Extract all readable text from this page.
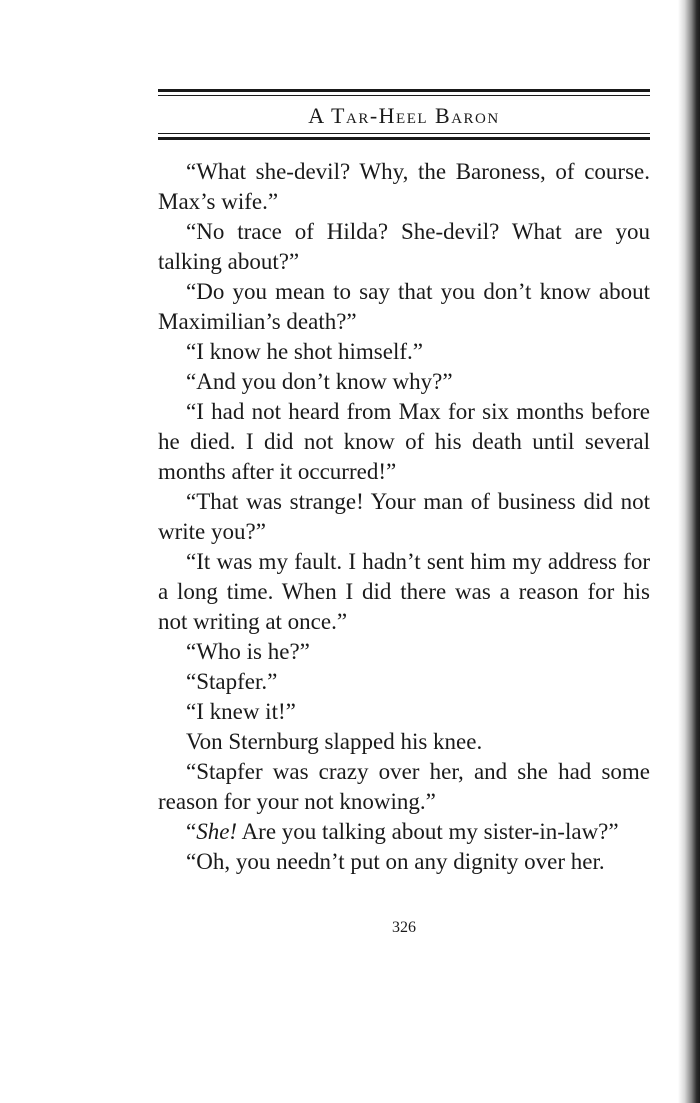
A Tar-Heel Baron

“What she-devil? Why, the Baroness, of course. Max’s wife.”

“No trace of Hilda? She-devil? What are you talking about?”

“Do you mean to say that you don’t know about Maximilian’s death?”

“I know he shot himself.”

“And you don’t know why?”

“I had not heard from Max for six months before he died. I did not know of his death until several months after it occurred!”

“That was strange! Your man of business did not write you?”

“It was my fault. I hadn’t sent him my address for a long time. When I did there was a reason for his not writing at once.”

“Who is he?”

“Stapfer.”

“I knew it!”

Von Sternburg slapped his knee.

“Stapfer was crazy over her, and she had some reason for your not knowing.”

“She! Are you talking about my sister-in-law?”

“Oh, you needn’t put on any dignity over her.

326
